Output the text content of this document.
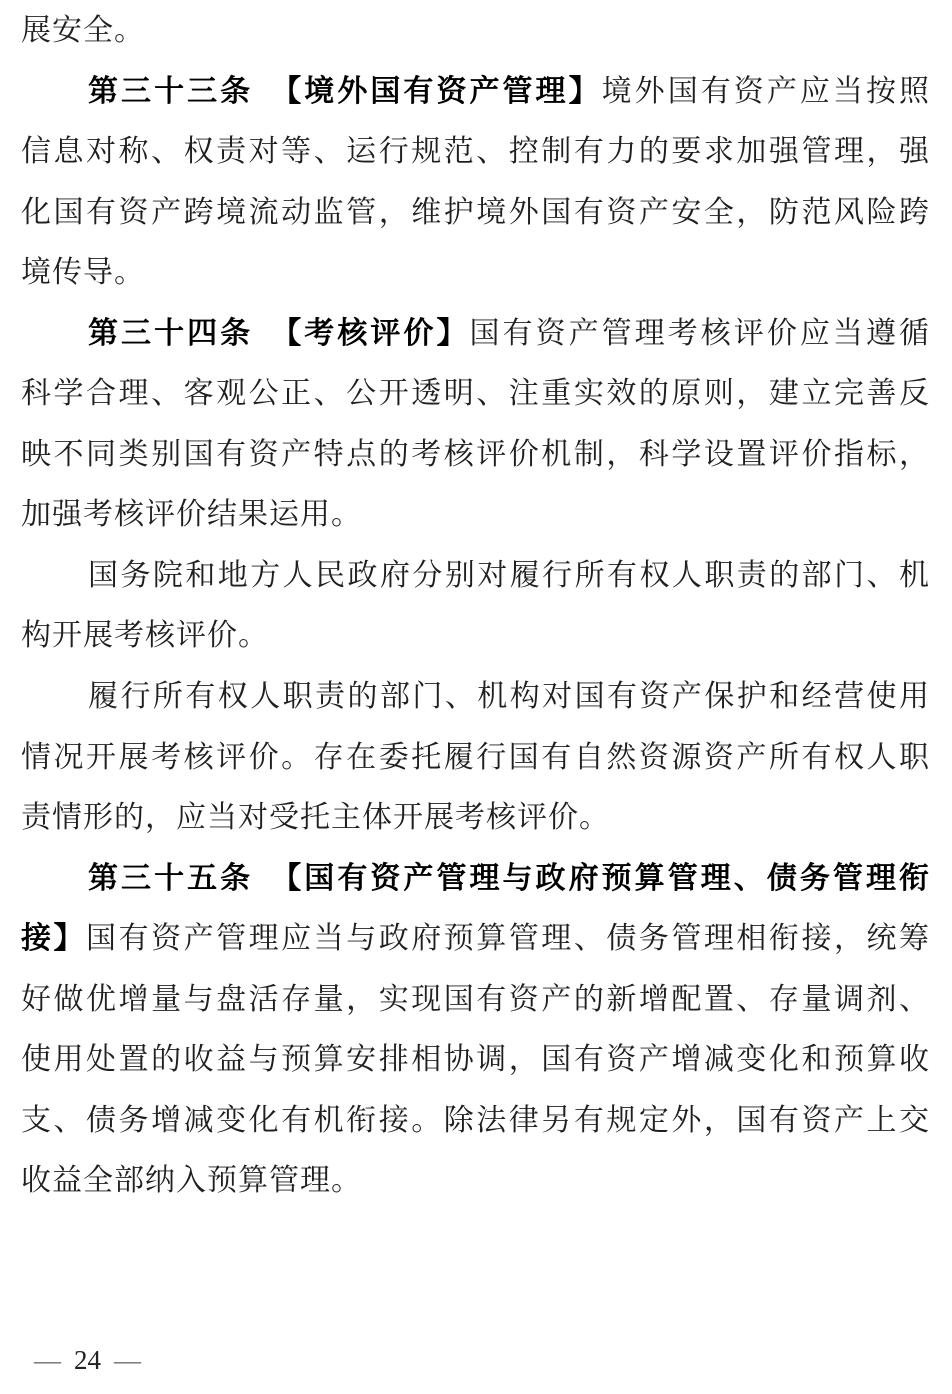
展安全。
第三十三条　【境外国有资产管理】境外国有资产应当按照
信息对称、权责对等、运行规范、控制有力的要求加强管理，强
化国有资产跨境流动监管，维护境外国有资产安全，防范风险跨
境传导。
第三十四条　【考核评价】国有资产管理考核评价应当遵循
科学合理、客观公正、公开透明、注重实效的原则，建立完善反
映不同类别国有资产特点的考核评价机制，科学设置评价指标，
加强考核评价结果运用。
国务院和地方人民政府分别对履行所有权人职责的部门、机
构开展考核评价。
履行所有权人职责的部门、机构对国有资产保护和经营使用
情况开展考核评价。存在委托履行国有自然资源资产所有权人职
责情形的，应当对受托主体开展考核评价。
第三十五条　【国有资产管理与政府预算管理、债务管理衔
接】国有资产管理应当与政府预算管理、债务管理相衔接，统筹
好做优增量与盘活存量，实现国有资产的新增配置、存量调剂、
使用处置的收益与预算安排相协调，国有资产增减变化和预算收
支、债务增减变化有机衔接。除法律另有规定外，国有资产上交
收益全部纳入预算管理。
— 24 —
